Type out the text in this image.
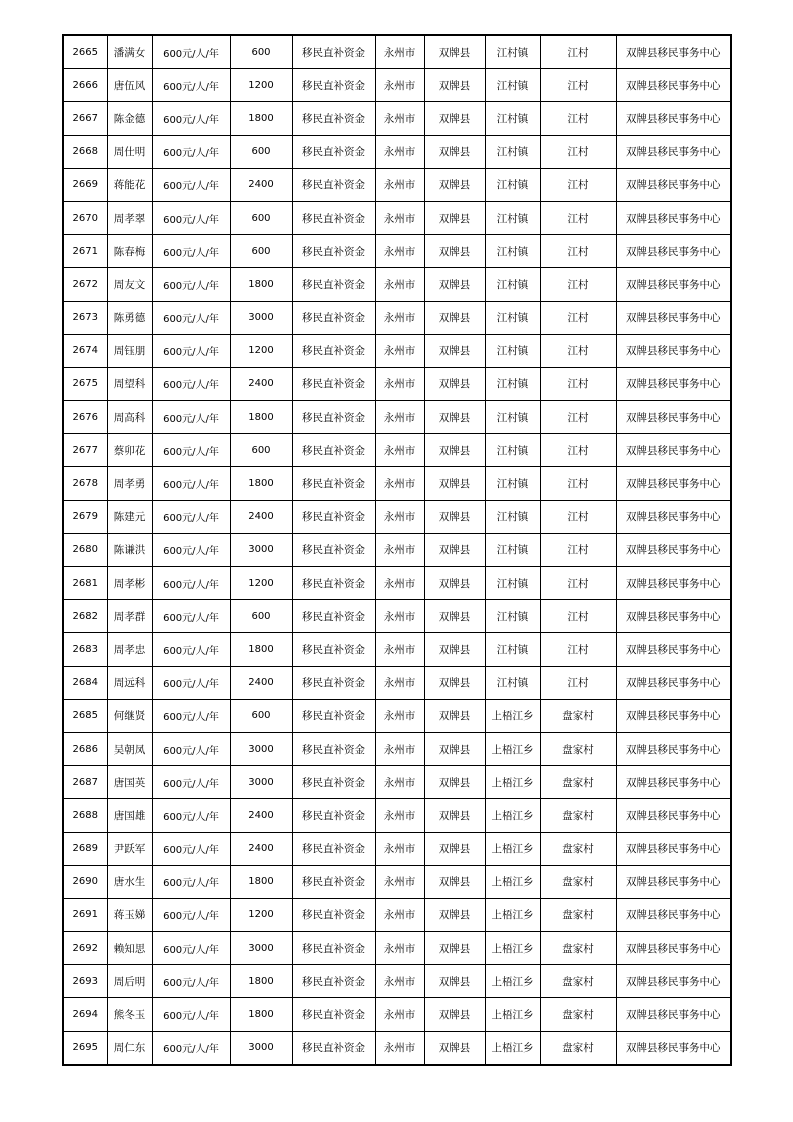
2665	潘满女	600元/人/年	600	移民直补资金	永州市	双牌县	江村镇	江村	双牌县移民事务中心
2666	唐伍风	600元/人/年	1200	移民直补资金	永州市	双牌县	江村镇	江村	双牌县移民事务中心
2667	陈金德	600元/人/年	1800	移民直补资金	永州市	双牌县	江村镇	江村	双牌县移民事务中心
2668	周仕明	600元/人/年	600	移民直补资金	永州市	双牌县	江村镇	江村	双牌县移民事务中心
2669	蒋能花	600元/人/年	2400	移民直补资金	永州市	双牌县	江村镇	江村	双牌县移民事务中心
2670	周孝翠	600元/人/年	600	移民直补资金	永州市	双牌县	江村镇	江村	双牌县移民事务中心
2671	陈春梅	600元/人/年	600	移民直补资金	永州市	双牌县	江村镇	江村	双牌县移民事务中心
2672	周友文	600元/人/年	1800	移民直补资金	永州市	双牌县	江村镇	江村	双牌县移民事务中心
2673	陈勇德	600元/人/年	3000	移民直补资金	永州市	双牌县	江村镇	江村	双牌县移民事务中心
2674	周钰朋	600元/人/年	1200	移民直补资金	永州市	双牌县	江村镇	江村	双牌县移民事务中心
2675	周望科	600元/人/年	2400	移民直补资金	永州市	双牌县	江村镇	江村	双牌县移民事务中心
2676	周高科	600元/人/年	1800	移民直补资金	永州市	双牌县	江村镇	江村	双牌县移民事务中心
2677	蔡卯花	600元/人/年	600	移民直补资金	永州市	双牌县	江村镇	江村	双牌县移民事务中心
2678	周孝勇	600元/人/年	1800	移民直补资金	永州市	双牌县	江村镇	江村	双牌县移民事务中心
2679	陈建元	600元/人/年	2400	移民直补资金	永州市	双牌县	江村镇	江村	双牌县移民事务中心
2680	陈谦洪	600元/人/年	3000	移民直补资金	永州市	双牌县	江村镇	江村	双牌县移民事务中心
2681	周孝彬	600元/人/年	1200	移民直补资金	永州市	双牌县	江村镇	江村	双牌县移民事务中心
2682	周孝群	600元/人/年	600	移民直补资金	永州市	双牌县	江村镇	江村	双牌县移民事务中心
2683	周孝忠	600元/人/年	1800	移民直补资金	永州市	双牌县	江村镇	江村	双牌县移民事务中心
2684	周远科	600元/人/年	2400	移民直补资金	永州市	双牌县	江村镇	江村	双牌县移民事务中心
2685	何继贤	600元/人/年	600	移民直补资金	永州市	双牌县	上梧江乡	盘家村	双牌县移民事务中心
2686	吴朝凤	600元/人/年	3000	移民直补资金	永州市	双牌县	上梧江乡	盘家村	双牌县移民事务中心
2687	唐国英	600元/人/年	3000	移民直补资金	永州市	双牌县	上梧江乡	盘家村	双牌县移民事务中心
2688	唐国雄	600元/人/年	2400	移民直补资金	永州市	双牌县	上梧江乡	盘家村	双牌县移民事务中心
2689	尹跃军	600元/人/年	2400	移民直补资金	永州市	双牌县	上梧江乡	盘家村	双牌县移民事务中心
2690	唐水生	600元/人/年	1800	移民直补资金	永州市	双牌县	上梧江乡	盘家村	双牌县移民事务中心
2691	蒋玉娣	600元/人/年	1200	移民直补资金	永州市	双牌县	上梧江乡	盘家村	双牌县移民事务中心
2692	赖知思	600元/人/年	3000	移民直补资金	永州市	双牌县	上梧江乡	盘家村	双牌县移民事务中心
2693	周后明	600元/人/年	1800	移民直补资金	永州市	双牌县	上梧江乡	盘家村	双牌县移民事务中心
2694	熊冬玉	600元/人/年	1800	移民直补资金	永州市	双牌县	上梧江乡	盘家村	双牌县移民事务中心
2695	周仁东	600元/人/年	3000	移民直补资金	永州市	双牌县	上梧江乡	盘家村	双牌县移民事务中心
